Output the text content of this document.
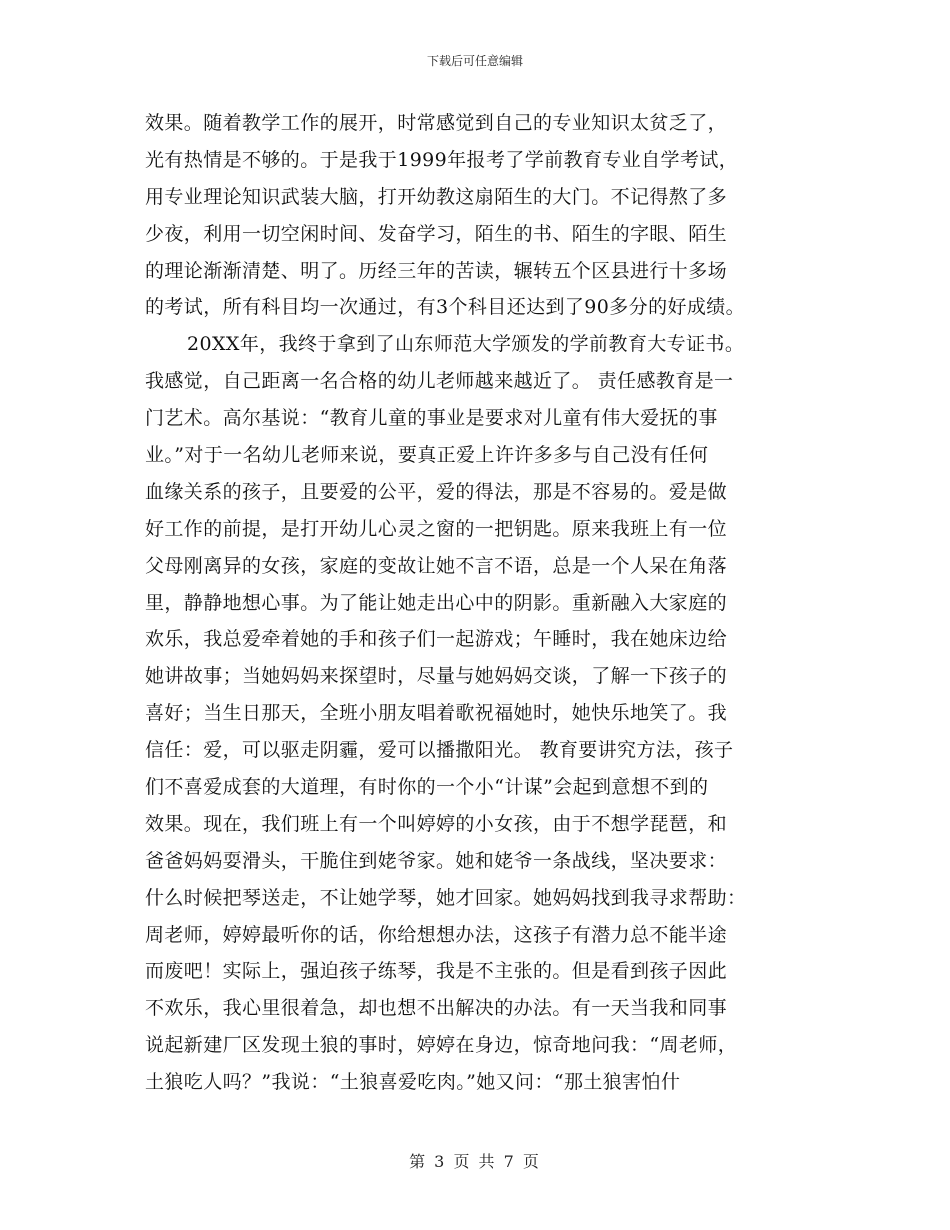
下载后可任意编辑
效果。随着教学工作的展开，时常感觉到自己的专业知识太贫乏了，
光有热情是不够的。于是我于1999年报考了学前教育专业自学考试，
用专业理论知识武装大脑，打开幼教这扇陌生的大门。不记得熬了多
少夜，利用一切空闲时间、发奋学习，陌生的书、陌生的字眼、陌生
的理论渐渐清楚、明了。历经三年的苦读，辗转五个区县进行十多场
的考试，所有科目均一次通过，有3个科目还达到了90多分的好成绩。
20XX年，我终于拿到了山东师范大学颁发的学前教育大专证书。
我感觉，自己距离一名合格的幼儿老师越来越近了。 责任感教育是一
门艺术。高尔基说：“教育儿童的事业是要求对儿童有伟大爱抚的事
业。”对于一名幼儿老师来说，要真正爱上许许多多与自己没有任何
血缘关系的孩子，且要爱的公平，爱的得法，那是不容易的。爱是做
好工作的前提，是打开幼儿心灵之窗的一把钥匙。原来我班上有一位
父母刚离异的女孩，家庭的变故让她不言不语，总是一个人呆在角落
里，静静地想心事。为了能让她走出心中的阴影。重新融入大家庭的
欢乐，我总爱牵着她的手和孩子们一起游戏；午睡时，我在她床边给
她讲故事；当她妈妈来探望时，尽量与她妈妈交谈，了解一下孩子的
喜好；当生日那天，全班小朋友唱着歌祝福她时，她快乐地笑了。我
信任：爱，可以驱走阴霾，爱可以播撒阳光。 教育要讲究方法，孩子
们不喜爱成套的大道理，有时你的一个小“计谋”会起到意想不到的
效果。现在，我们班上有一个叫婷婷的小女孩，由于不想学琵琶，和
爸爸妈妈耍滑头，干脆住到姥爷家。她和姥爷一条战线，坚决要求：
什么时候把琴送走，不让她学琴，她才回家。她妈妈找到我寻求帮助：
周老师，婷婷最听你的话，你给想想办法，这孩子有潜力总不能半途
而废吧！实际上，强迫孩子练琴，我是不主张的。但是看到孩子因此
不欢乐，我心里很着急，却也想不出解决的办法。有一天当我和同事
说起新建厂区发现土狼的事时，婷婷在身边，惊奇地问我：“周老师，
土狼吃人吗？”我说：“土狼喜爱吃肉。”她又问：“那土狼害怕什
第 3 页 共 7 页
